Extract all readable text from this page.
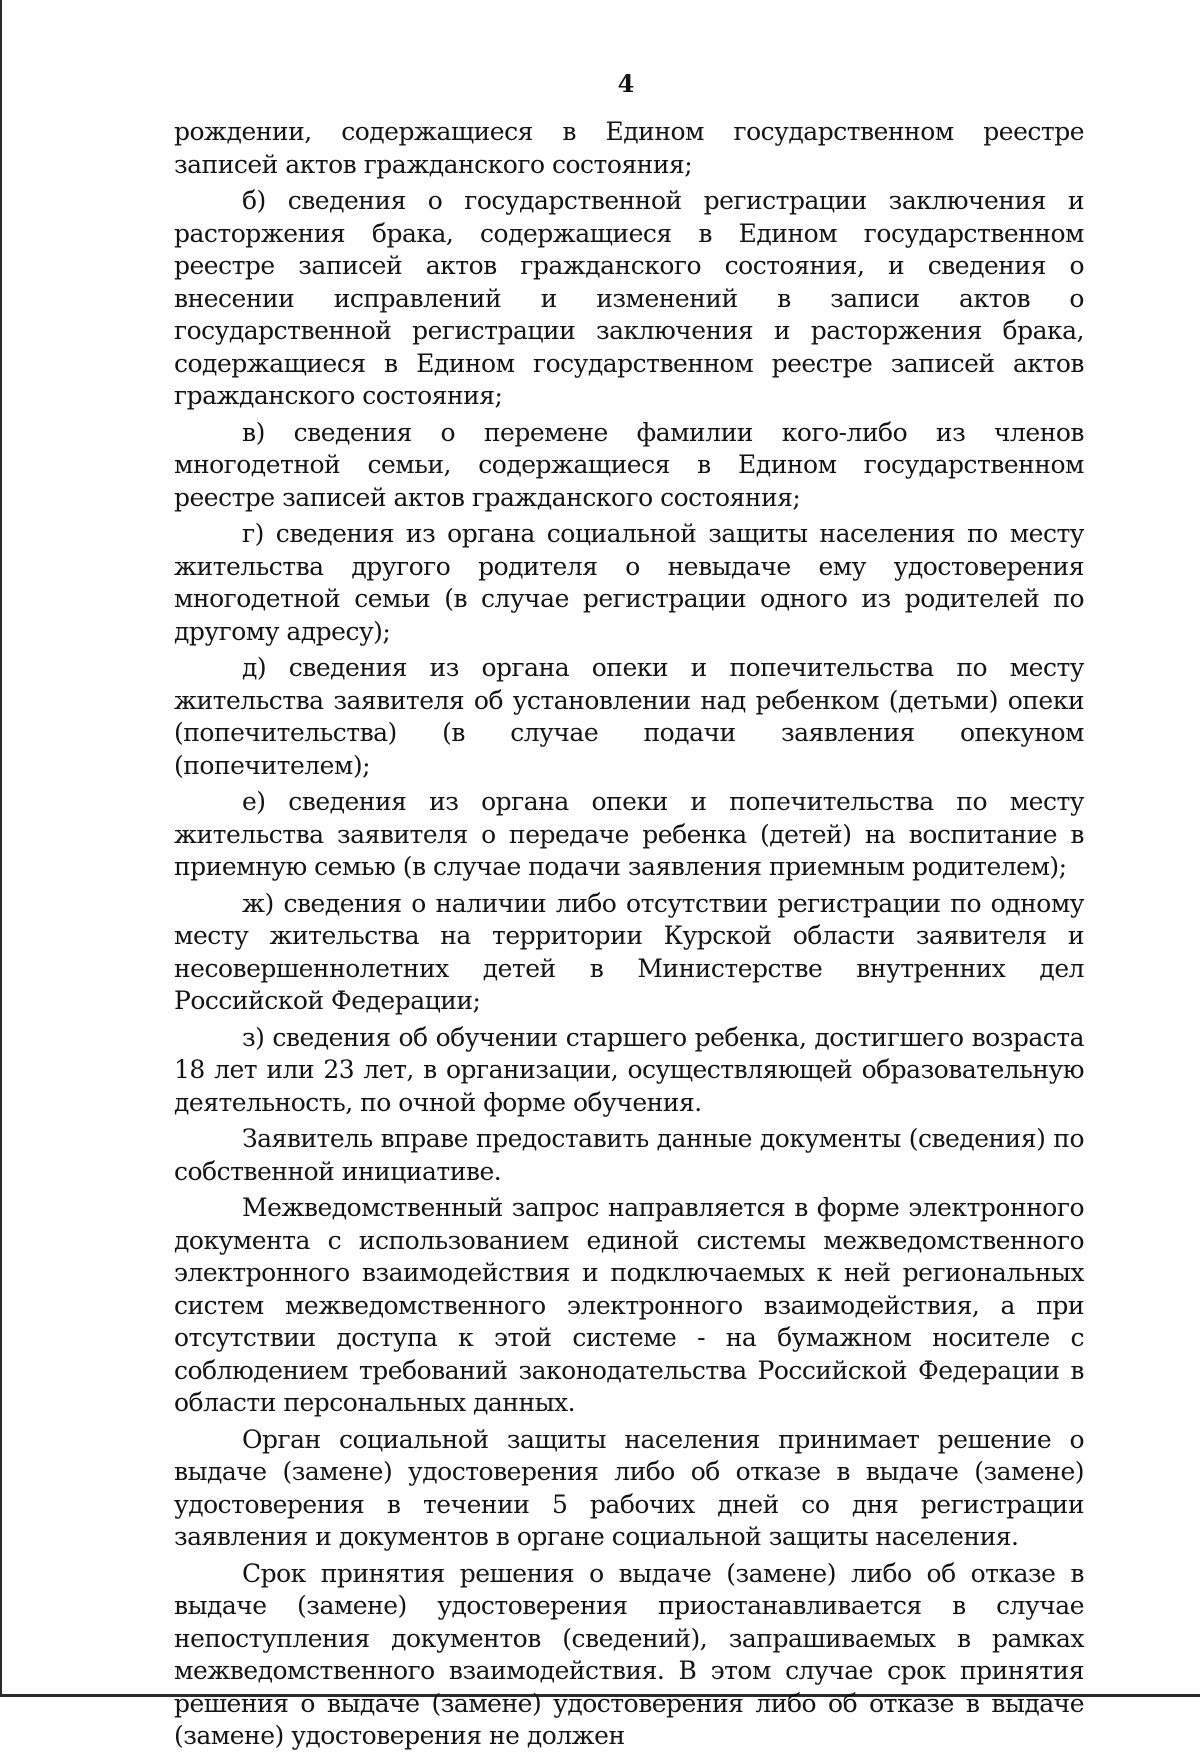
4

рождении, содержащиеся в Едином государственном реестре записей актов гражданского состояния;

б) сведения о государственной регистрации заключения и расторжения брака, содержащиеся в Едином государственном реестре записей актов гражданского состояния, и сведения о внесении исправлений и изменений в записи актов о государственной регистрации заключения и расторжения брака, содержащиеся в Едином государственном реестре записей актов гражданского состояния;

в) сведения о перемене фамилии кого-либо из членов многодетной семьи, содержащиеся в Едином государственном реестре записей актов гражданского состояния;

г) сведения из органа социальной защиты населения по месту жительства другого родителя о невыдаче ему удостоверения многодетной семьи (в случае регистрации одного из родителей по другому адресу);

д) сведения из органа опеки и попечительства по месту жительства заявителя об установлении над ребенком (детьми) опеки (попечительства) (в случае подачи заявления опекуном (попечителем);

е) сведения из органа опеки и попечительства по месту жительства заявителя о передаче ребенка (детей) на воспитание в приемную семью (в случае подачи заявления приемным родителем);

ж) сведения о наличии либо отсутствии регистрации по одному месту жительства на территории Курской области заявителя и несовершеннолетних детей в Министерстве внутренних дел Российской Федерации;

з) сведения об обучении старшего ребенка, достигшего возраста 18 лет или 23 лет, в организации, осуществляющей образовательную деятельность, по очной форме обучения.

Заявитель вправе предоставить данные документы (сведения) по собственной инициативе.

Межведомственный запрос направляется в форме электронного документа с использованием единой системы межведомственного электронного взаимодействия и подключаемых к ней региональных систем межведомственного электронного взаимодействия, а при отсутствии доступа к этой системе - на бумажном носителе с соблюдением требований законодательства Российской Федерации в области персональных данных.

Орган социальной защиты населения принимает решение о выдаче (замене) удостоверения либо об отказе в выдаче (замене) удостоверения в течении 5 рабочих дней со дня регистрации заявления и документов в органе социальной защиты населения.

Срок принятия решения о выдаче (замене) либо об отказе в выдаче (замене) удостоверения приостанавливается в случае непоступления документов (сведений), запрашиваемых в рамках межведомственного взаимодействия. В этом случае срок принятия решения о выдаче (замене) удостоверения либо об отказе в выдаче (замене) удостоверения не должен
